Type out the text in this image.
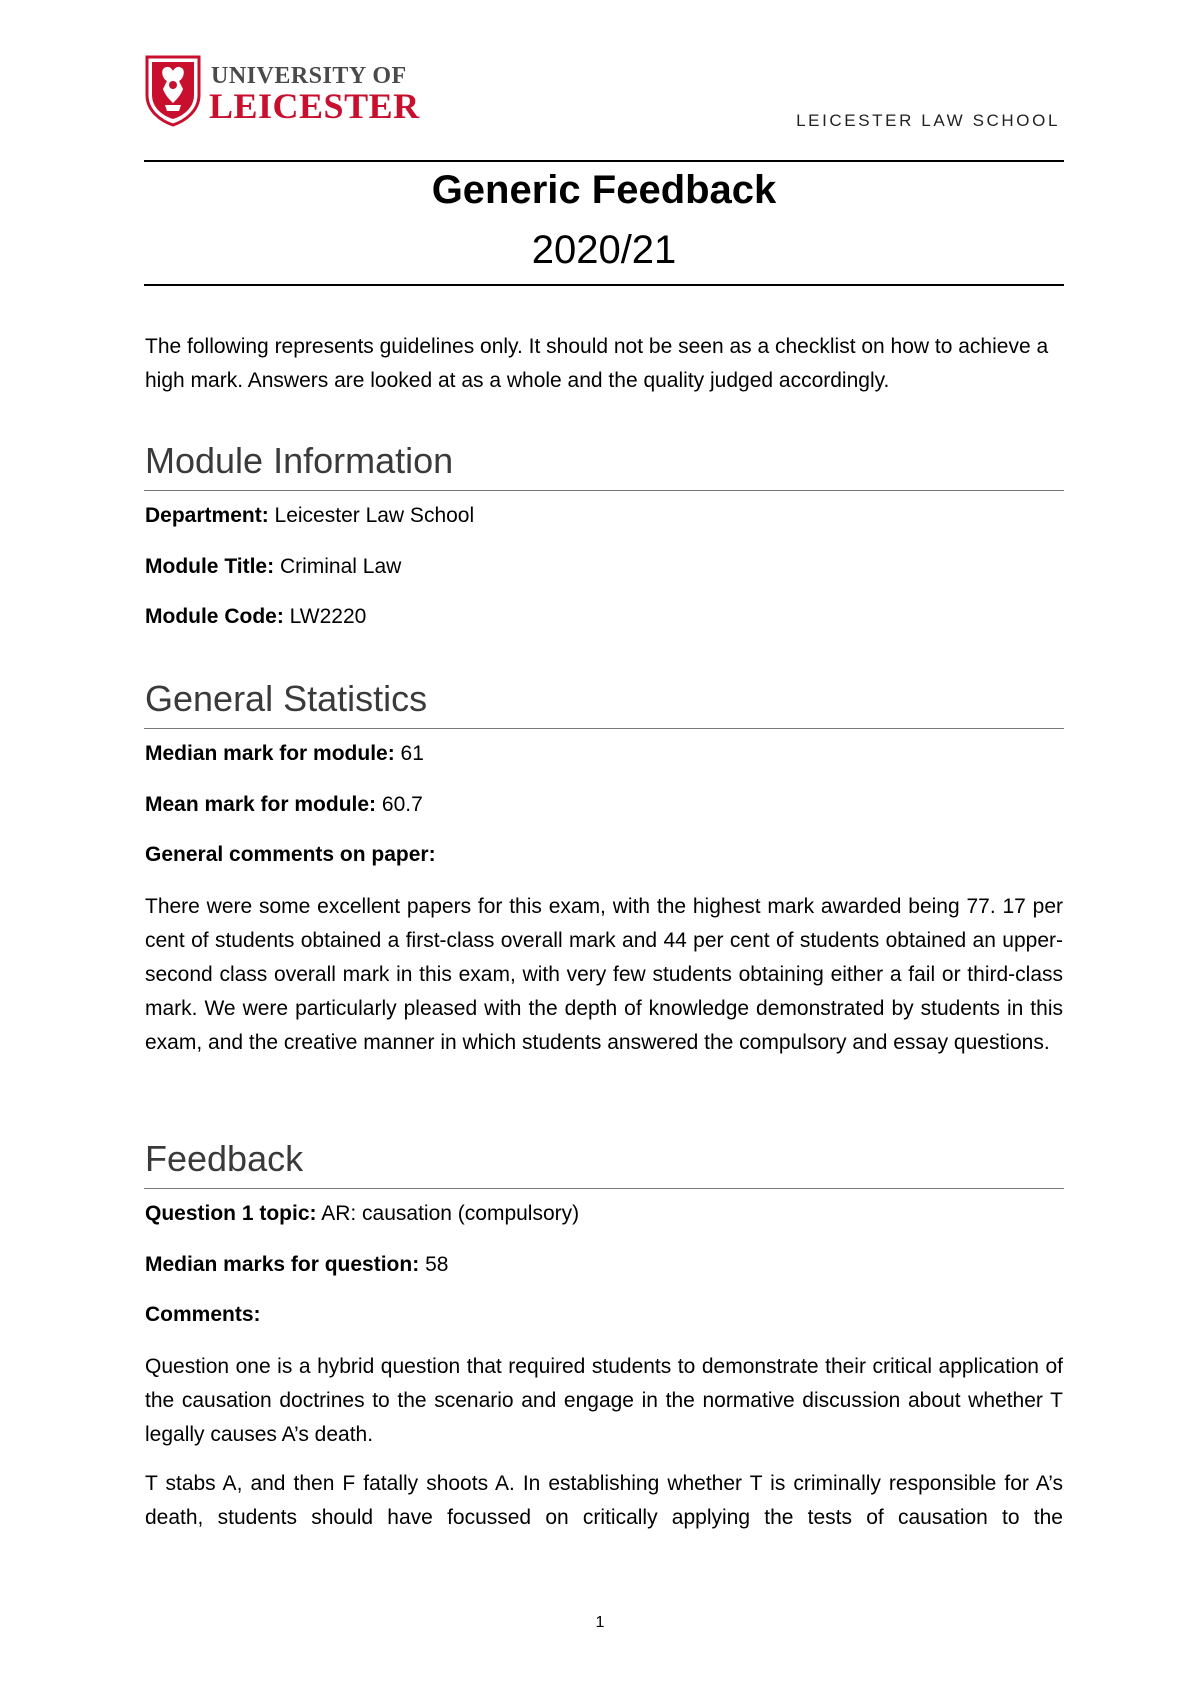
UNIVERSITY OF
LEICESTER	LEICESTER LAW SCHOOL
Generic Feedback
2020/21
The following represents guidelines only. It should not be seen as a checklist on how to achieve a high mark. Answers are looked at as a whole and the quality judged accordingly.
Module Information
Department: Leicester Law School
Module Title: Criminal Law
Module Code: LW2220
General Statistics
Median mark for module: 61
Mean mark for module: 60.7
General comments on paper:
There were some excellent papers for this exam, with the highest mark awarded being 77. 17 per cent of students obtained a first-class overall mark and 44 per cent of students obtained an upper-second class overall mark in this exam, with very few students obtaining either a fail or third-class mark. We were particularly pleased with the depth of knowledge demonstrated by students in this exam, and the creative manner in which students answered the compulsory and essay questions.
Feedback
Question 1 topic: AR: causation (compulsory)
Median marks for question: 58
Comments:
Question one is a hybrid question that required students to demonstrate their critical application of the causation doctrines to the scenario and engage in the normative discussion about whether T legally causes A’s death.
T stabs A, and then F fatally shoots A. In establishing whether T is criminally responsible for A’s death, students should have focussed on critically applying the tests of causation to the
1
